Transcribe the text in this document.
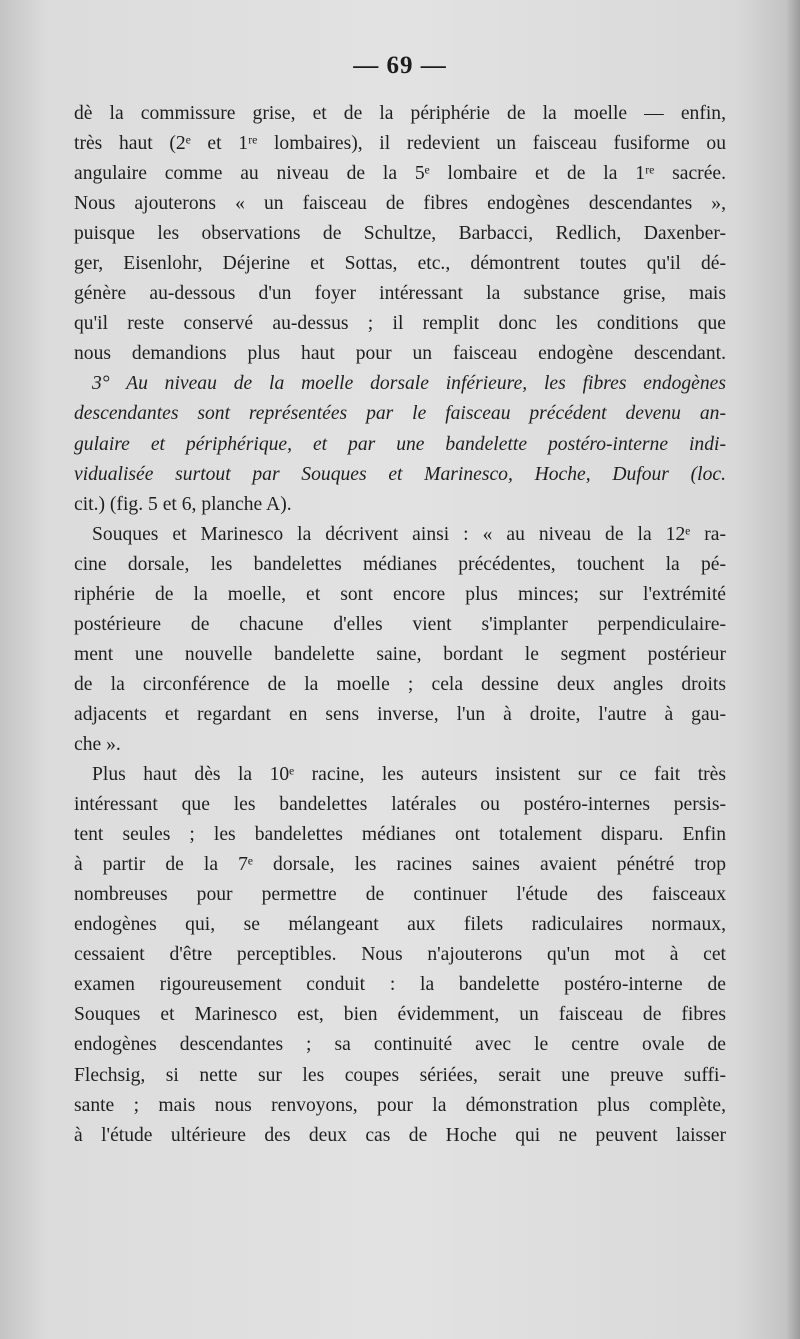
— 69 —
dè la commissure grise, et de la périphérie de la moelle — enfin,
très haut (2ᵉ et 1ʳᵉ lombaires), il redevient un faisceau fusiforme ou
angulaire comme au niveau de la 5ᵉ lombaire et de la 1ʳᵉ sacrée.
Nous ajouterons « un faisceau de fibres endogènes descendantes »,
puisque les observations de Schultze, Barbacci, Redlich, Daxenber-
ger, Eisenlohr, Déjerine et Sottas, etc., démontrent toutes qu'il dé-
génère au-dessous d'un foyer intéressant la substance grise, mais
qu'il reste conservé au-dessus ; il remplit donc les conditions que
nous demandions plus haut pour un faisceau endogène descendant.
3° Au niveau de la moelle dorsale inférieure, les fibres endogènes
descendantes sont représentées par le faisceau précédent devenu an-
gulaire et périphérique, et par une bandelette postéro-interne indi-
vidualisée surtout par Souques et Marinesco, Hoche, Dufour (loc.
cit.) (fig. 5 et 6, planche A).
Souques et Marinesco la décrivent ainsi : « au niveau de la 12ᵉ ra-
cine dorsale, les bandelettes médianes précédentes, touchent la pé-
riphérie de la moelle, et sont encore plus minces; sur l'extrémité
postérieure de chacune d'elles vient s'implanter perpendiculaire-
ment une nouvelle bandelette saine, bordant le segment postérieur
de la circonférence de la moelle ; cela dessine deux angles droits
adjacents et regardant en sens inverse, l'un à droite, l'autre à gau-
che ».
Plus haut dès la 10ᵉ racine, les auteurs insistent sur ce fait très
intéressant que les bandelettes latérales ou postéro-internes persis-
tent seules ; les bandelettes médianes ont totalement disparu. Enfin
à partir de la 7ᵉ dorsale, les racines saines avaient pénétré trop
nombreuses pour permettre de continuer l'étude des faisceaux
endogènes qui, se mélangeant aux filets radiculaires normaux,
cessaient d'être perceptibles. Nous n'ajouterons qu'un mot à cet
examen rigoureusement conduit : la bandelette postéro-interne de
Souques et Marinesco est, bien évidemment, un faisceau de fibres
endogènes descendantes ; sa continuité avec le centre ovale de
Flechsig, si nette sur les coupes sériées, serait une preuve suffi-
sante ; mais nous renvoyons, pour la démonstration plus complète,
à l'étude ultérieure des deux cas de Hoche qui ne peuvent laisser
